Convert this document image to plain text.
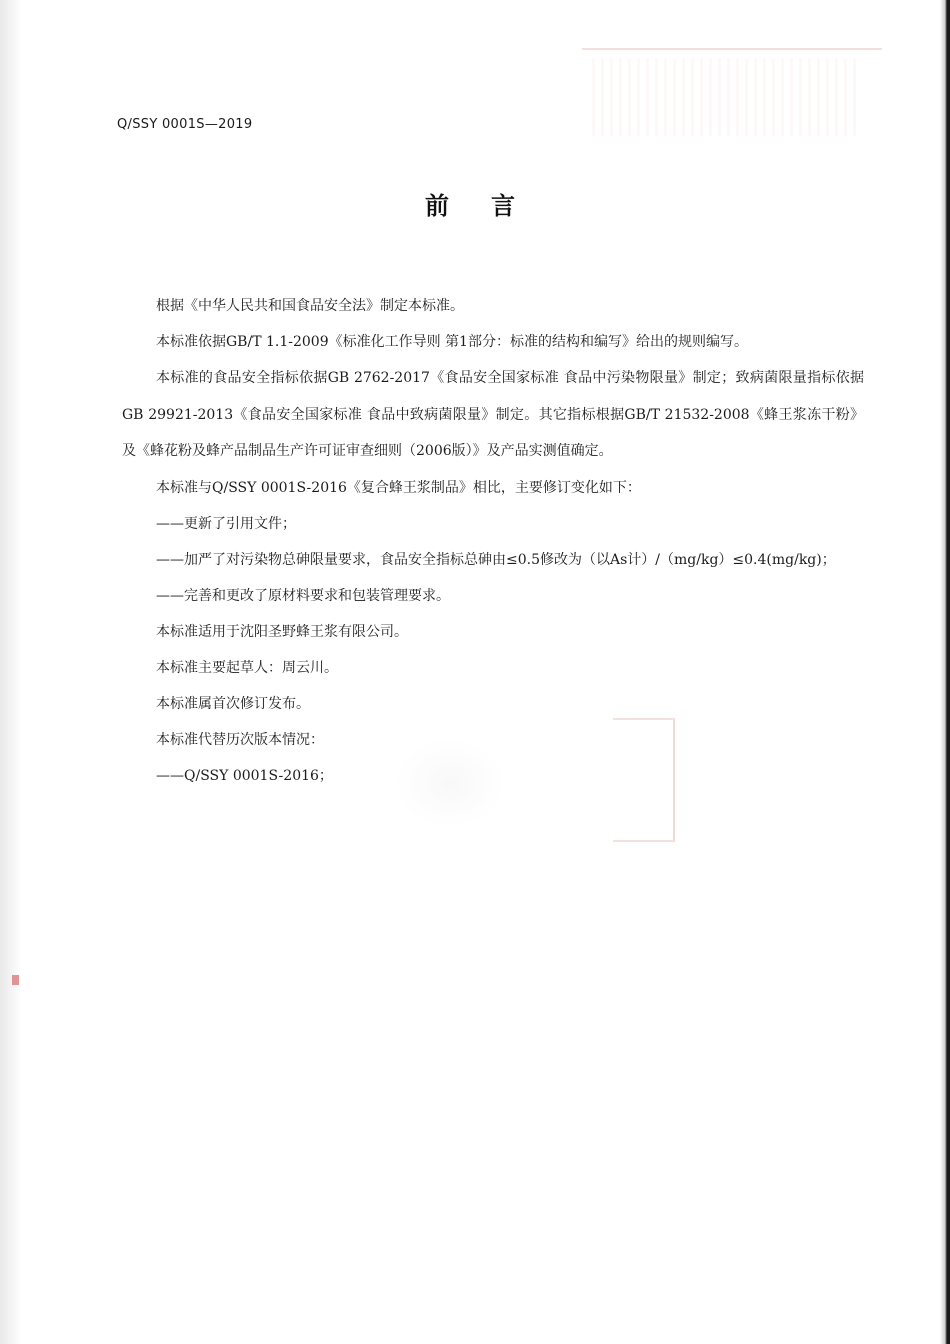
Q/SSY 0001S—2019
前言

根据《中华人民共和国食品安全法》制定本标准。

本标准依据GB/T 1.1-2009《标准化工作导则 第1部分：标准的结构和编写》给出的规则编写。

本标准的食品安全指标依据GB 2762-2017《食品安全国家标准 食品中污染物限量》制定；致病菌限量指标依据GB 29921-2013《食品安全国家标准 食品中致病菌限量》制定。其它指标根据GB/T 21532-2008《蜂王浆冻干粉》及《蜂花粉及蜂产品制品生产许可证审查细则（2006版）》及产品实测值确定。

本标准与Q/SSY 0001S-2016《复合蜂王浆制品》相比，主要修订变化如下：

——更新了引用文件；

——加严了对污染物总砷限量要求，食品安全指标总砷由≤0.5修改为（以As计）/（mg/kg）≤0.4(mg/kg)；

——完善和更改了原材料要求和包装管理要求。

本标准适用于沈阳圣野蜂王浆有限公司。

本标准主要起草人：周云川。

本标准属首次修订发布。

本标准代替历次版本情况：

——Q/SSY 0001S-2016；
